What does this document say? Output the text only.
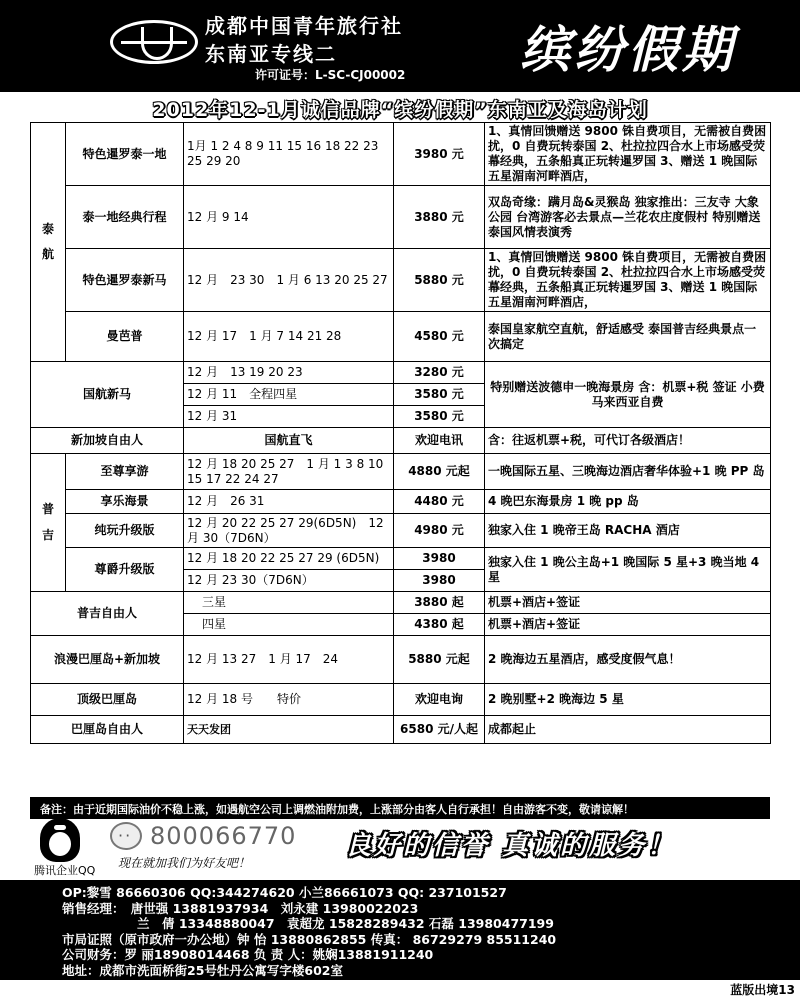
成都中国青年旅行社
东南亚专线二
许可证号：L-SC-CJ00002 缤纷假期
2012年12-1月诚信品牌“缤纷假期”东南亚及海岛计划
泰 航	特色暹罗泰一地	1月 1 2 4 8 9 11 15 16 18 22 23 25 29 20	3980 元	1、真情回馈赠送 9800 铢自费项目，无需被自费困扰，0 自费玩转泰国 2、杜拉拉四合水上市场感受荧幕经典，五条船真正玩转暹罗国 3、赠送 1 晚国际五星湄南河畔酒店，
	泰一地经典行程	12 月 9 14	3880 元	双岛奇缘：蹒月岛&灵猴岛 独家推出：三友寺 大象公园 台湾游客必去景点—兰花农庄度假村 特别赠送泰国风情表演秀
	特色暹罗泰新马	12 月　23 30　1 月 6 13 20 25 27	5880 元	1、真情回馈赠送 9800 铢自费项目，无需被自费困扰，0 自费玩转泰国 2、杜拉拉四合水上市场感受荧幕经典，五条船真正玩转暹罗国 3、赠送 1 晚国际五星湄南河畔酒店，
	曼芭普	12 月 17　1 月 7 14 21 28	4580 元	泰国皇家航空直航，舒适感受 泰国普吉经典景点一次搞定
国航新马		12 月　13 19 20 23	3280 元	特别赠送波德申一晚海景房 含：机票+税 签证 小费 马来西亚自费
		12 月 11　全程四星	3580 元	
		12 月 31	3580 元	
新加坡自由人		国航直飞	欢迎电讯	含：往返机票+税，可代订各级酒店！
普 吉	至尊享游	12 月 18 20 25 27　1 月 1 3 8 10 15 17 22 24 27	4880 元起	一晚国际五星、三晚海边酒店奢华体验+1 晚 PP 岛
	享乐海景	12 月　26 31	4480 元	4 晚巴东海景房 1 晚 pp 岛
	纯玩升级版	12 月 20 22 25 27 29(6D5N)　12 月 30（7D6N）	4980 元	独家入住 1 晚帝王岛 RACHA 酒店
	尊爵升级版	12 月 18 20 22 25 27 29 (6D5N)	3980	独家入住 1 晚公主岛+1 晚国际 5 星+3 晚当地 4 星
		12 月 23 30（7D6N）	3980	
普吉自由人		三星	3880 起	机票+酒店+签证
		四星	4380 起	机票+酒店+签证
浪漫巴厘岛+新加坡		12 月 13 27　1 月 17　24	5880 元起	2 晚海边五星酒店，感受度假气息！
顶级巴厘岛		12 月 18 号　　特价	欢迎电询	2 晚别墅+2 晚海边 5 星
巴厘岛自由人		天天发团	6580 元/人起	成都起止
备注：由于近期国际油价不稳上涨，如遇航空公司上调燃油附加费，上涨部分由客人自行承担！自由游客不变，敬请谅解！
腾讯企业QQ
··
800066770
现在就加我们为好友吧！
良好的信誉 真诚的服务！
OP:黎雪 86660306 QQ:344274620 小兰86661073 QQ: 237101527
销售经理：　唐世强 13881937934　刘永建 13980022023
　　　　　　兰　倩 13348880047　袁超龙 15828289432 石磊 13980477199
市局证照（原市政府一办公地）钟 怡 13880862855 传真： 86729279 85511240
公司财务：罗 丽18908014468 负 责 人：姚娴13881911240
地址：成都市洗面桥街25号牡丹公寓写字楼602室
蓝版出境13
